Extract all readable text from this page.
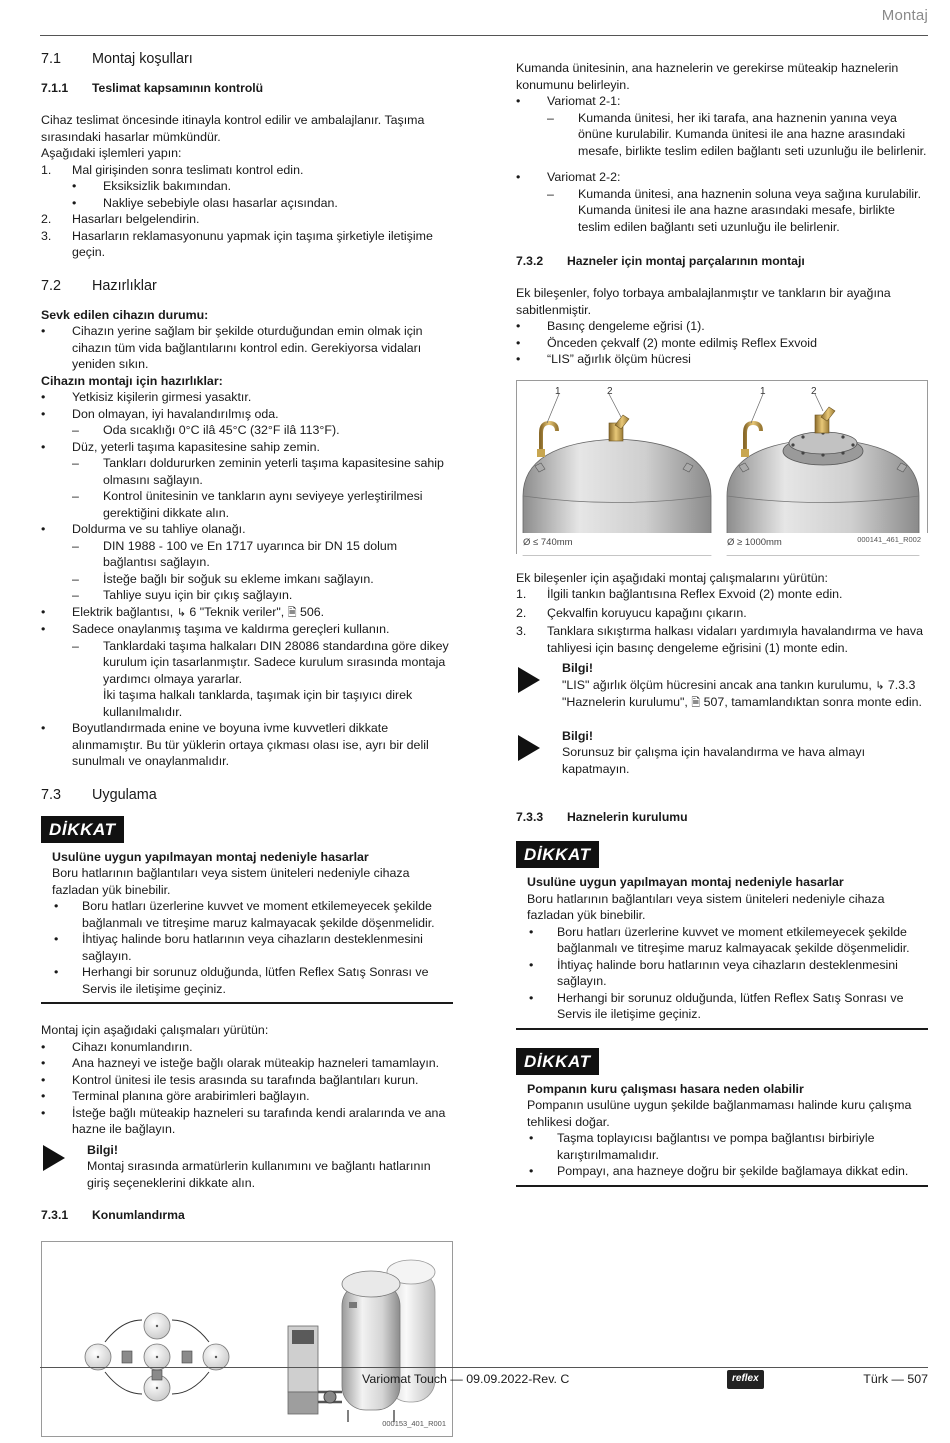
Montaj
7.1	Montaj koşulları
7.1.1	Teslimat kapsamının kontrolü

Cihaz teslimat öncesinde itinayla kontrol edilir ve ambalajlanır. Taşıma sırasındaki hasarlar mümkündür.

Aşağıdaki işlemleri yapın:

1.	Mal girişinden sonra teslimatı kontrol edin.
•	Eksiksizlik bakımından.
•	Nakliye sebebiyle olası hasarlar açısından.
2.	Hasarları belgelendirin.
3.	Hasarların reklamasyonunu yapmak için taşıma şirketiyle iletişime geçin.
7.2	Hazırlıklar

Sevk edilen cihazın durumu:

•	Cihazın yerine sağlam bir şekilde oturduğundan emin olmak için cihazın tüm vida bağlantılarını kontrol edin. Gerekiyorsa vidaları yeniden sıkın.

Cihazın montajı için hazırlıklar:

•	Yetkisiz kişilerin girmesi yasaktır.
•	Don olmayan, iyi havalandırılmış oda.
–	Oda sıcaklığı 0°C ilâ 45°C (32°F ilâ 113°F).
•	Düz, yeterli taşıma kapasitesine sahip zemin.
–	Tankları doldururken zeminin yeterli taşıma kapasitesine sahip olmasını sağlayın.
–	Kontrol ünitesinin ve tankların aynı seviyeye yerleştirilmesi gerektiğini dikkate alın.
•	Doldurma ve su tahliye olanağı.
–	DIN 1988 - 100 ve En 1717 uyarınca bir DN 15 dolum bağlantısı sağlayın.
–	İsteğe bağlı bir soğuk su ekleme imkanı sağlayın.
–	Tahliye suyu için bir çıkış sağlayın.
•	Elektrik bağlantısı, ↳ 6 "Teknik veriler", 🗎 506.
•	Sadece onaylanmış taşıma ve kaldırma gereçleri kullanın.
–	Tanklardaki taşıma halkaları DIN 28086 standardına göre dikey kurulum için tasarlanmıştır. Sadece kurulum sırasında montaja yardımcı olmaya yararlar.
İki taşıma halkalı tanklarda, taşımak için bir taşıyıcı direk kullanılmalıdır.
•	Boyutlandırmada enine ve boyuna ivme kuvvetleri dikkate alınmamıştır. Bu tür yüklerin ortaya çıkması olası ise, ayrı bir delil sunulmalı ve onaylanmalıdır.
7.3	Uygulama
DİKKAT

Usulüne uygun yapılmayan montaj nedeniyle hasarlar

Boru hatlarının bağlantıları veya sistem üniteleri nedeniyle cihaza fazladan yük binebilir.

•	Boru hatları üzerlerine kuvvet ve moment etkilemeyecek şekilde bağlanmalı ve titreşime maruz kalmayacak şekilde döşenmelidir.
•	İhtiyaç halinde boru hatlarının veya cihazların desteklenmesini sağlayın.
•	Herhangi bir sorunuz olduğunda, lütfen Reflex Satış Sonrası ve Servis ile iletişime geçiniz.

Montaj için aşağıdaki çalışmaları yürütün:

•	Cihazı konumlandırın.
•	Ana hazneyi ve isteğe bağlı olarak müteakip hazneleri tamamlayın.
•	Kontrol ünitesi ile tesis arasında su tarafında bağlantıları kurun.
•	Terminal planına göre arabirimleri bağlayın.
•	İsteğe bağlı müteakip hazneleri su tarafında kendi aralarında ve ana hazne ile bağlayın.

Bilgi!

Montaj sırasında armatürlerin kullanımını ve bağlantı hatlarının giriş seçeneklerini dikkate alın.

7.3.1	Konumlandırma
000153_401_R001

Kumanda ünitesinin, ana haznelerin ve gerekirse müteakip haznelerin konumunu belirleyin.

•	Variomat 2-1:
–	Kumanda ünitesi, her iki tarafa, ana haznenin yanına veya önüne kurulabilir. Kumanda ünitesi ile ana hazne arasındaki mesafe, birlikte teslim edilen bağlantı seti uzunluğu ile belirlenir.
•	Variomat 2-2:
–	Kumanda ünitesi, ana haznenin soluna veya sağına kurulabilir. Kumanda ünitesi ile ana hazne arasındaki mesafe, birlikte teslim edilen bağlantı seti uzunluğu ile belirlenir.
7.3.2	Hazneler için montaj parçalarının montajı

Ek bileşenler, folyo torbaya ambalajlanmıştır ve tankların bir ayağına sabitlenmiştir.

•	Basınç dengeleme eğrisi (1).
•	Önceden çekvalf (2) monte edilmiş Reflex Exvoid
•	“LIS” ağırlık ölçüm hücresi
1	2	1	2
Ø ≤ 740mm	Ø ≥ 1000mm	000141_461_R002

Ek bileşenler için aşağıdaki montaj çalışmalarını yürütün:

1.	İlgili tankın bağlantısına Reflex Exvoid (2) monte edin.
2.	Çekvalfin koruyucu kapağını çıkarın.
3.	Tanklara sıkıştırma halkası vidaları yardımıyla havalandırma ve hava tahliyesi için basınç dengeleme eğrisini (1) monte edin.

Bilgi!

"LIS" ağırlık ölçüm hücresini ancak ana tankın kurulumu, ↳ 7.3.3 "Haznelerin kurulumu", 🗎 507, tamamlandıktan sonra monte edin.

Bilgi!

Sorunsuz bir çalışma için havalandırma ve hava almayı kapatmayın.

7.3.3	Haznelerin kurulumu
DİKKAT

Usulüne uygun yapılmayan montaj nedeniyle hasarlar

Boru hatlarının bağlantıları veya sistem üniteleri nedeniyle cihaza fazladan yük binebilir.

•	Boru hatları üzerlerine kuvvet ve moment etkilemeyecek şekilde bağlanmalı ve titreşime maruz kalmayacak şekilde döşenmelidir.
•	İhtiyaç halinde boru hatlarının veya cihazların desteklenmesini sağlayın.
•	Herhangi bir sorunuz olduğunda, lütfen Reflex Satış Sonrası ve Servis ile iletişime geçiniz.
DİKKAT

Pompanın kuru çalışması hasara neden olabilir

Pompanın usulüne uygun şekilde bağlanmaması halinde kuru çalışma tehlikesi doğar.

•	Taşma toplayıcısı bağlantısı ve pompa bağlantısı birbiriyle karıştırılmamalıdır.
•	Pompayı, ana hazneye doğru bir şekilde bağlamaya dikkat edin.
Variomat Touch — 09.09.2022-Rev. C	reflex	Türk — 507
